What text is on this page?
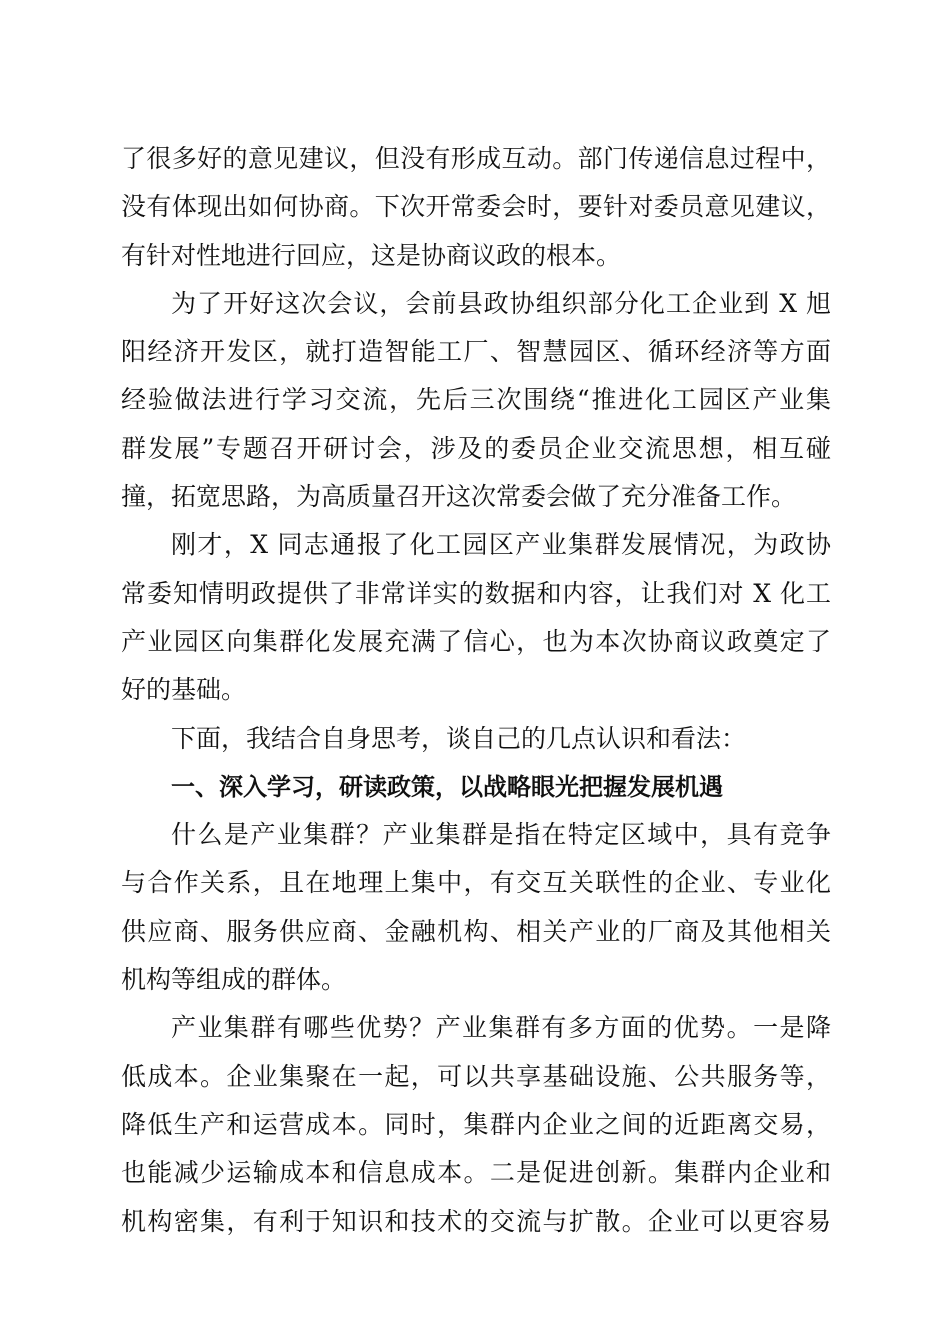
了很多好的意见建议，但没有形成互动。部门传递信息过程中，
没有体现出如何协商。下次开常委会时，要针对委员意见建议，
有针对性地进行回应，这是协商议政的根本。
为了开好这次会议，会前县政协组织部分化工企业到 X 旭
阳经济开发区，就打造智能工厂、智慧园区、循环经济等方面
经验做法进行学习交流，先后三次围绕“推进化工园区产业集
群发展”专题召开研讨会，涉及的委员企业交流思想，相互碰
撞，拓宽思路，为高质量召开这次常委会做了充分准备工作。
刚才，X 同志通报了化工园区产业集群发展情况，为政协
常委知情明政提供了非常详实的数据和内容，让我们对 X 化工
产业园区向集群化发展充满了信心，也为本次协商议政奠定了
好的基础。
下面，我结合自身思考，谈自己的几点认识和看法：
一、深入学习，研读政策，以战略眼光把握发展机遇
什么是产业集群？产业集群是指在特定区域中，具有竞争
与合作关系，且在地理上集中，有交互关联性的企业、专业化
供应商、服务供应商、金融机构、相关产业的厂商及其他相关
机构等组成的群体。
产业集群有哪些优势？产业集群有多方面的优势。一是降
低成本。企业集聚在一起，可以共享基础设施、公共服务等，
降低生产和运营成本。同时，集群内企业之间的近距离交易，
也能减少运输成本和信息成本。二是促进创新。集群内企业和
机构密集，有利于知识和技术的交流与扩散。企业可以更容易
